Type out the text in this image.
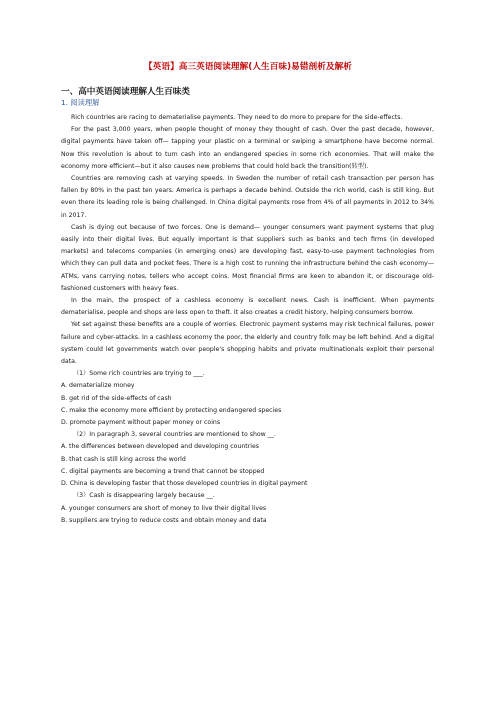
【英语】高三英语阅读理解(人生百味)易错剖析及解析
一、高中英语阅读理解人生百味类
1. 阅读理解

Rich countries are racing to dematerialise payments. They need to do more to prepare for the side-effects.

For the past 3,000 years, when people thought of money they thought of cash. Over the past decade, however, digital payments have taken off— tapping your plastic on a terminal or swiping a smartphone have become normal. Now this revolution is about to turn cash into an endangered species in some rich economies. That will make the economy more efficient—but it also causes new problems that could hold back the transition(转型).

Countries are removing cash at varying speeds. In Sweden the number of retail cash transaction per person has fallen by 80% in the past ten years. America is perhaps a decade behind. Outside the rich world, cash is still king. But even there its leading role is being challenged. In China digital payments rose from 4% of all payments in 2012 to 34% in 2017.

Cash is dying out because of two forces. One is demand— younger consumers want payment systems that plug easily into their digital lives. But equally important is that suppliers such as banks and tech firms (in developed markets) and telecoms companies (in emerging ones) are developing fast, easy-to-use payment technologies from which they can pull data and pocket fees. There is a high cost to running the infrastructure behind the cash economy—ATMs, vans carrying notes, tellers who accept coins. Most financial firms are keen to abandon it, or discourage old-fashioned customers with heavy fees.

In the main, the prospect of a cashless economy is excellent news. Cash is inefficient. When payments dematerialise, people and shops are less open to theft. It also creates a credit history, helping consumers borrow.

Yet set against these benefits are a couple of worries. Electronic payment systems may risk technical failures, power failure and cyber-attacks. In a cashless economy the poor, the elderly and country folk may be left behind. And a digital system could let governments watch over people's shopping habits and private multinationals exploit their personal data.

（1）Some rich countries are trying to ___.

A. dematerialize money

B. get rid of the side-effects of cash

C. make the economy more efficient by protecting endangered species

D. promote payment without paper money or coins

（2）In paragraph 3, several countries are mentioned to show __.

A. the differences between developed and developing countries

B. that cash is still king across the world

C. digital payments are becoming a trend that cannot be stopped

D. China is developing faster that those developed countries in digital payment

（3）Cash is disappearing largely because __.

A. younger consumers are short of money to live their digital lives

B. suppliers are trying to reduce costs and obtain money and data
